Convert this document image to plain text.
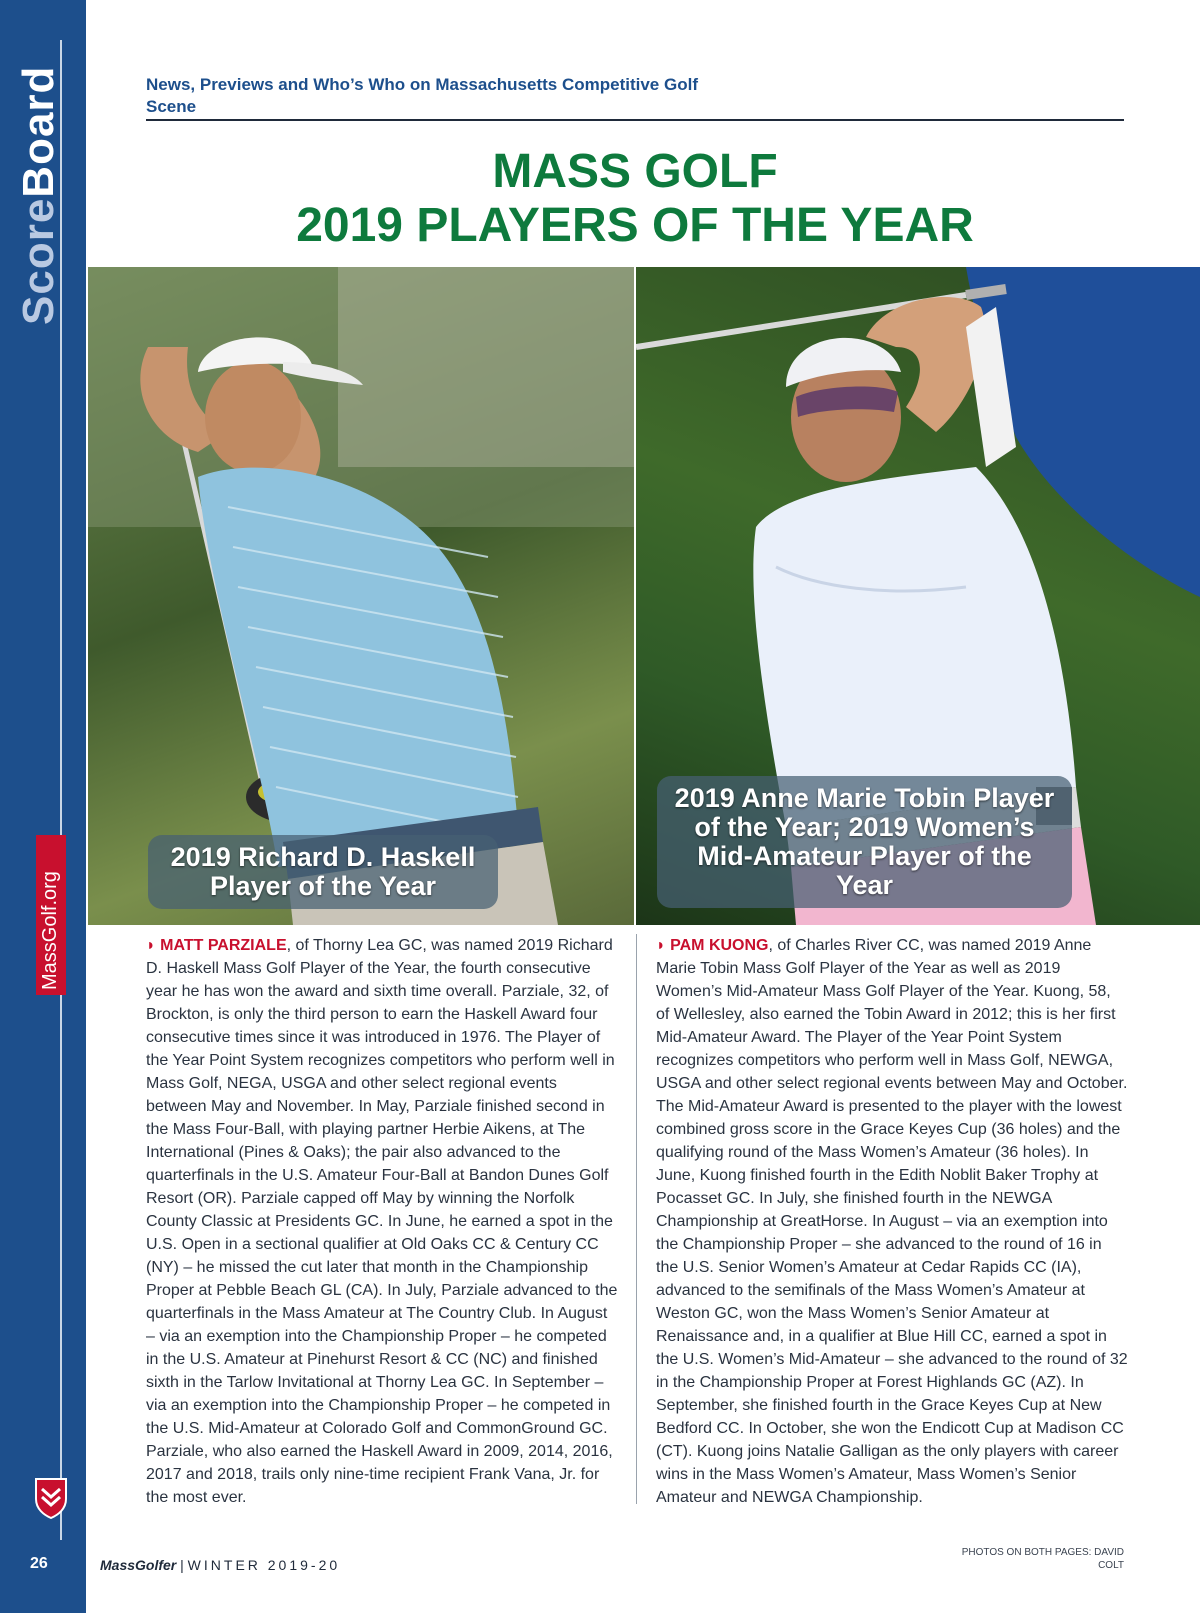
ScoreBoard
MassGolf.org
26
News, Previews and Who’s Who on Massachusetts Competitive Golf Scene
MASS GOLF
2019 PLAYERS OF THE YEAR
2019 Richard D. Haskell Player of the Year
2019 Anne Marie Tobin Player of the Year; 2019 Women’s Mid-Amateur Player of the Year
◗ MATT PARZIALE, of Thorny Lea GC, was named 2019 Richard D. Haskell Mass Golf Player of the Year, the fourth consecutive year he has won the award and sixth time overall. Parziale, 32, of Brockton, is only the third person to earn the Haskell Award four consecutive times since it was introduced in 1976. The Player of the Year Point System recognizes competitors who perform well in Mass Golf, NEGA, USGA and other select regional events between May and November. In May, Parziale finished second in the Mass Four-Ball, with playing partner Herbie Aikens, at The International (Pines & Oaks); the pair also advanced to the quarterfinals in the U.S. Amateur Four-Ball at Bandon Dunes Golf Resort (OR). Parziale capped off May by winning the Norfolk County Classic at Presidents GC. In June, he earned a spot in the U.S. Open in a sectional qualifier at Old Oaks CC & Century CC (NY) – he missed the cut later that month in the Championship Proper at Pebble Beach GL (CA). In July, Parziale advanced to the quarterfinals in the Mass Amateur at The Country Club. In August – via an exemption into the Championship Proper – he competed in the U.S. Amateur at Pinehurst Resort & CC (NC) and finished sixth in the Tarlow Invitational at Thorny Lea GC. In September – via an exemption into the Championship Proper – he competed in the U.S. Mid-Amateur at Colorado Golf and CommonGround GC. Parziale, who also earned the Haskell Award in 2009, 2014, 2016, 2017 and 2018, trails only nine-time recipient Frank Vana, Jr. for the most ever.
◗ PAM KUONG, of Charles River CC, was named 2019 Anne Marie Tobin Mass Golf Player of the Year as well as 2019 Women’s Mid-Amateur Mass Golf Player of the Year. Kuong, 58, of Wellesley, also earned the Tobin Award in 2012; this is her first Mid-Amateur Award. The Player of the Year Point System recognizes competitors who perform well in Mass Golf, NEWGA, USGA and other select regional events between May and October. The Mid-Amateur Award is presented to the player with the lowest combined gross score in the Grace Keyes Cup (36 holes) and the qualifying round of the Mass Women’s Amateur (36 holes). In June, Kuong finished fourth in the Edith Noblit Baker Trophy at Pocasset GC. In July, she finished fourth in the NEWGA Championship at GreatHorse. In August – via an exemption into the Championship Proper – she advanced to the round of 16 in the U.S. Senior Women’s Amateur at Cedar Rapids CC (IA), advanced to the semifinals of the Mass Women’s Amateur at Weston GC, won the Mass Women’s Senior Amateur at Renaissance and, in a qualifier at Blue Hill CC, earned a spot in the U.S. Women’s Mid-Amateur – she advanced to the round of 32 in the Championship Proper at Forest Highlands GC (AZ). In September, she finished fourth in the Grace Keyes Cup at New Bedford CC. In October, she won the Endicott Cup at Madison CC (CT). Kuong joins Natalie Galligan as the only players with career wins in the Mass Women’s Amateur, Mass Women’s Senior Amateur and NEWGA Championship.
MassGolfer | WINTER 2019-20
PHOTOS ON BOTH PAGES: DAVID COLT
